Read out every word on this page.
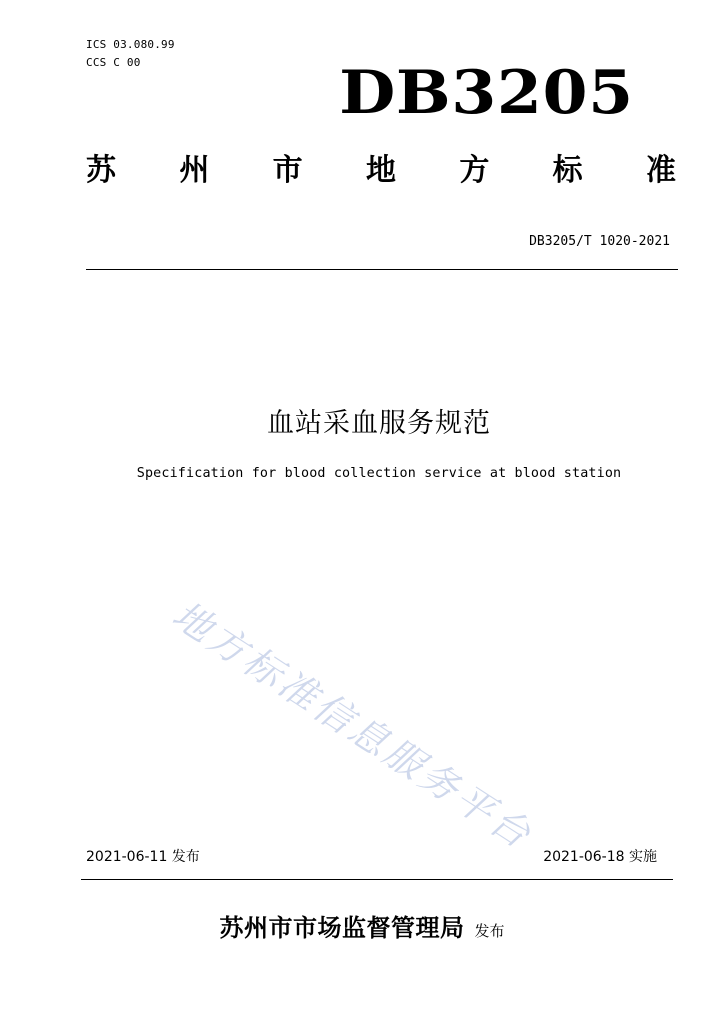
ICS 03.080.99
CCS C 00	DB3205
苏 州 市 地 方 标 准
DB3205/T 1020-2021
血站采血服务规范
Specification for blood collection service at blood station
地方标准信息服务平台
2021-06-11 发布	2021-06-18 实施
苏州市市场监督管理局 发布
